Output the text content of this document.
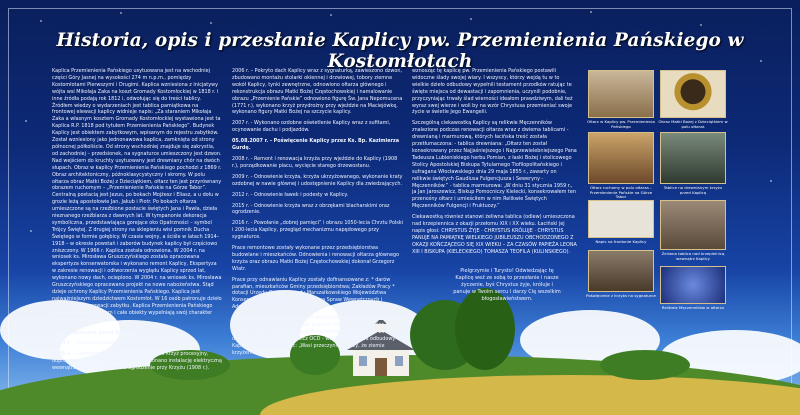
Historia, opis i przesłanie Kaplicy pw. Przemienienia Pańskiego w Kostomłotach

Kaplica Przemienienia Pańskiego usytuowana jest na wschodniej części Góry Jasnej na wysokości 274 m n.p.m., pomiędzy Kostomłotami Pierwszymi i Drugimi. Kaplica wzniesiona z inicjatywy wójta wsi Mikołaja Zaka na koszt Gromady Kostomłockiej w 1818 r. i inne źródła podają rok 1812 i, odwołując się do treści tablicy. Źródłem wiedzy o wydarzeniach jest tablica pamiątkowa na frontowej elewacji kaplicy widnieje napis: „Za staraniem Mikołaja Zaka a własnym kosztem Gromady Kostomłockiej wystawiona jest ta Kaplica R.P. 1818 pod tytułem Przemienienia Pańskiego”. Budynek Kaplicy jest obiektem zabytkowym, wpisanym do rejestru zabytków. Został wzniesiony jako jednonawowa kaplica, zamknięta od strony północnej półkoliście. Od strony wschodniej znajduje się zakrystia, od zachodniej – przedsionek, na sygnaturce umieszczony jest dzwon. Nad wejściem do kruchty usytuowany jest drewniany chór na dwóch słupach. Obraz w kaplicy Przemienienia Pańskiego pochodzi z 1869 r. Obraz architektoniczny, późnoklasycystyczny i skromy. W polu ołtarza obraz Matki Bożej z Dzieciątkiem, ołtarz ten jest przyrównany obrazem ruchomym – „Przemienienie Pańskie na Górze Tabor”. Centralną postacią jest Jezus, po bokach Mojżesz i Eliasz, a u dołu w grozie leżą apostołowie Jan, Jakub i Piotr. Po bokach ołtarza umieszczone są na rzeźbione postacie świętych Jana i Pawła, dzieła nieznanego rzeźbiarza z dawnych lat. W tympanonie dekoracja symboliczna, przedstawiająca gorejące oko Opatrzności – symbol Trójcy Świętej. Z drugiej strony na sklepieniu wisi pomnik Ducha Świętego w formie gołębicy. W czasie wojny, a ściśle w latach 1914–1918 – w okresie powstań i zaborów budynek kaplicy był częściowo zniszczony. W 1966 r. Kaplica została odnowiona. W 2004 r. na wniosek ks. Mirosława Gruszczyńskiego została opracowana ekspertyza konserwatorska i wykonano remont Kaplicy, Ekspertyza w zakresie renowacji i odtworzenia wyglądu Kaplicy sprzed lat, wykonano nowy dach, ocieplono. W 2004 r. na wniosek ks. Mirosława Gruszczyńskiego opracowano projekt na nowe nabożeństwa. Stąd dzieje ochrony Kaplicy Przemienienia Pańskiego. Kaplica jest najważniejszym dziedzictwem Kostomłot. W 16 osób patronuje dzieło konserwacji i renowacji zabytku. Kaplica Przemienienia Pańskiego działa zgodnie z duchem i całe obiekty wypełniają swój charakter przez wiele dekad.

Prace wykonane przez Komitet:

2004 r. – Zrekonstruowano Krzyż (1852 r.)

2005 r. – Odnowiono ogrodzenie, naprawiono krzyż procesyjny, doprowadzono energię elektryczną i wykonano instalację elektryczną wewnątrz Kaplicy, naprawiono ogrodzenie przy Krzyżu (1908 r.).

2006 r. – Pokryto dach Kaplicy wraz z sygnaturką, zawieszono dzwon, zbudowano montażu stolarki okiennej i drzwiowej, tobory ziemne wokół Kaplicy, tynki zewnętrzne, odnowiono ołtarza głównego i rekonstrukcja obrazu Matki Bożej Częstochowskiej i namalowanie obrazu „Przemienie Pańskie” odnowiono figurę Św. Jana Nepomucena (1771 r.), wykonano krzyż przydrożny przy wjeździe na Maciejówkę, wykonano figury Matki Bożej na szczycie kaplicy.

2007 r. - Wykonano ozdobne oświetlenie Kaplicy wraz z sufitami, ocynowanie dachu i podjazdów.

05.08.2007 r. - Poświęcenie Kaplicy przez Ks. Bp. Kazimierza Gurdę.

2008 r. - Remont i renowacja krzyża przy wjeździe do Kaplicy (1908 r.), porządkowanie placu, wycięcie starego drzewostanu.

2009 r. - Odnowienie krzyża, krzyża ukrzyżowanego, wykonanie kraty ozdobnej w nawie głównej i udostępnienie Kaplicy dla zwiedzających.

2012 r. - Odnowienie ławek i podesty w Kaplicy.

2015 r. - Odnowienie krzyża wraz z obrzękami blacharskimi oraz ogrodzenie.

2016 r. - Powołanie „dobrej pamięci” i obrazu 1050-lecia Chrztu Polski i 200-lecia Kaplicy, przegląd mechanizmu napędowego przy sygnaturce.

Prace remontowe zostały wykonane przez przedsiębiorstwa budowlane i mieszkańców. Odnowienia i renowacji ołtarza głównego krzyża oraz obrazu Matki Bożej Częstochowskiej dokonał Grzegorz Wiatr.

Prace przy odnawianiu Kaplicy zostały dofinansowane z: * darów parafian, mieszkańców Gminy przedsiębiorstwa; Zakładów Pracy * dotacji Urzędu Gminy, Urzędu Marszałkowskiego Województwa Konserwatora Zabytków, Ministerstwa Spraw Wewnętrznych i Administracji, Fundacji Rozwoju Wsi.

Dzięki zaangażowaniu wszystkich Kaplica odzyskała swą świetność jako miejsce modlitwy i zabytek jedności kultury. Słuszne więc w uwagi, Komitet z okazji odbycia Przemienienia Pańskiego w 2006 r., o. dr hab. Szczepan T.Praśkiewicz OCD - wspólnocie działa odbudowy Kaplicy - mógł powiedzieć: „Wasi przeczynie znaczy, że ziemie krzyżem.

wznosząc tę kaplicę pw. Przemienienia Pańskiego postawili widoczne ślady swojej wiary. I wszyscy, którzy wejdą tu w to wielkie dzieło odbudowy wypełnili testament przodków ratując te święte miejsca od dewastacji i zapomnienia, uczynili podobnie, przyczyniając trwały ślad wierności ideałom prawdziwym, dali też wyraz swej wierze i woli by na wzór Chrystusa przemieniać swoje życie w świetle Jego Ewangelii.

Szczególną ciekawostką Kaplicy są relikwie Męczenników znalezione podczas renowacji ołtarza wraz z dwiema tablicami - drewnianą i marmurową, których łacińska treść została przetłumaczona: - tablica drewniana: „Ołtarz ten został konsekrowany przez Najjaśniejszego i Najprzewielebniejszego Pana Tadeusza Lubieniskiego herbu Pomian, z łaski Bożej i stolicowego Stolicy Apostolskiej Biskupa Tytularnego Tiofilopolitańskiego i sufragana Włocławskiego dnia 29 maja 1855 r., zawarty on relikwie świętych Gaudiusa Fulgencjusza i Seweryny - Męczenników.” - tablica marmurowa: „W dniu 31 stycznia 1959 r., ja Jan Jaroszewicz, Biskup Pomocniczy Kielecki, konsekrowałem ten przenośny ołtarz i umieściłem w nim Relikwie Świętych Męczenników Fulgencji i Fruktuozy.”

Ciekawostką również stanowi żeliwna tablica (odlew) umieszczona nad krzepiennica z okazji przełomu XIX i XX wieku. Łaciński jej napis głosi: CHRYSTUS ŻYJE · CHRYSTUS KRÓLUJE · CHRYSTUS PANUJE NA PAMIĄTKĘ WIELKIEGO JUBILEUSZU OBCHODZONEGO Z OKAZJI KOŃCZĄCEGO SIĘ XIX WIEKU – ZA CZASÓW PAPIEŻA LEONA XIII I BISKUPA (KIELECKIEGO) TOMASZA TEOFILA (KULINSKIEGO).

Pielgrzymie i Turysto! Odwiedzając tę Kaplicę weź ze sobą to przesłanie i nasze życzenie, byś Chrystus żyje, króluje i panuje w Twoim sercu i darzy Cię wszelkim błogosławieństwem.
Ołtarz w Kaplicy pw. Przemienienia Pańskiego
Obraz Matki Bożej z Dzieciątkiem w polu ołtarza
Ołtarz ruchomy w polu ołtarza – Przemienienie Pańskie na Górze Tabor
Tablice na drewnianym krzyżu przed Kaplicą
Napis na frontonie Kaplicy
Żeliwna tablica nad krzepielnicą wewnątrz Kaplicy
Poświęcenie z krzyża na sygnaturce
Relikwie Męczenników w ołtarzu
